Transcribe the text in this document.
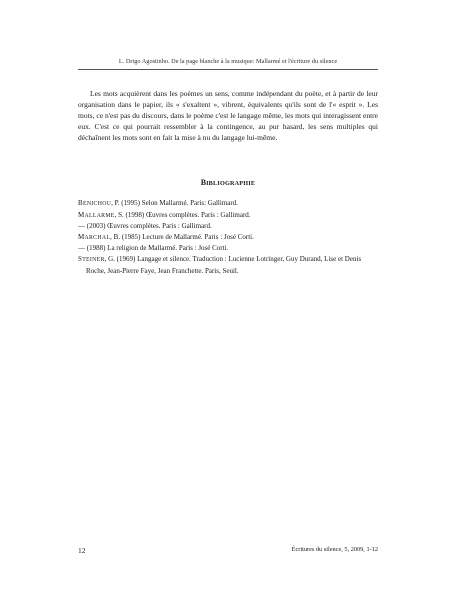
L. Drigo Agostinho. De la page blanche à la musique: Mallarmé et l'écriture du silence

Les mots acquièrent dans les poèmes un sens, comme indépendant du poète, et à partir de leur organisation dans le papier, ils « s'exaltent », vibrent, équivalents qu'ils sont de l'« esprit ». Les mots, ce n'est pas du discours, dans le poème c'est le langage même, les mots qui interagissent entre eux. C'est ce qui pourrait ressembler à la contingence, au pur hasard, les sens multiples qui déchaînent les mots sont en fait la mise à nu du langage lui-même.

BIBLIOGRAPHIE
BENICHOU, P. (1995) Selon Mallarmé. Paris: Gallimard.
MALLARME, S. (1998) Œuvres complètes. Paris : Gallimard.
— (2003) Œuvres complètes. Paris : Gallimard.
MARCHAL, B. (1985) Lecture de Mallarmé. Paris : José Corti.
— (1988) La religion de Mallarmé. Paris : José Corti.
STEINER, G. (1969) Langage et silence. Traduction : Lucienne Lotringer, Guy Durand, Lise et Denis Roche, Jean-Pierre Faye, Jean Franchette. Paris, Seuil.
12	Écritures du silence, 5, 2009, 1-12
